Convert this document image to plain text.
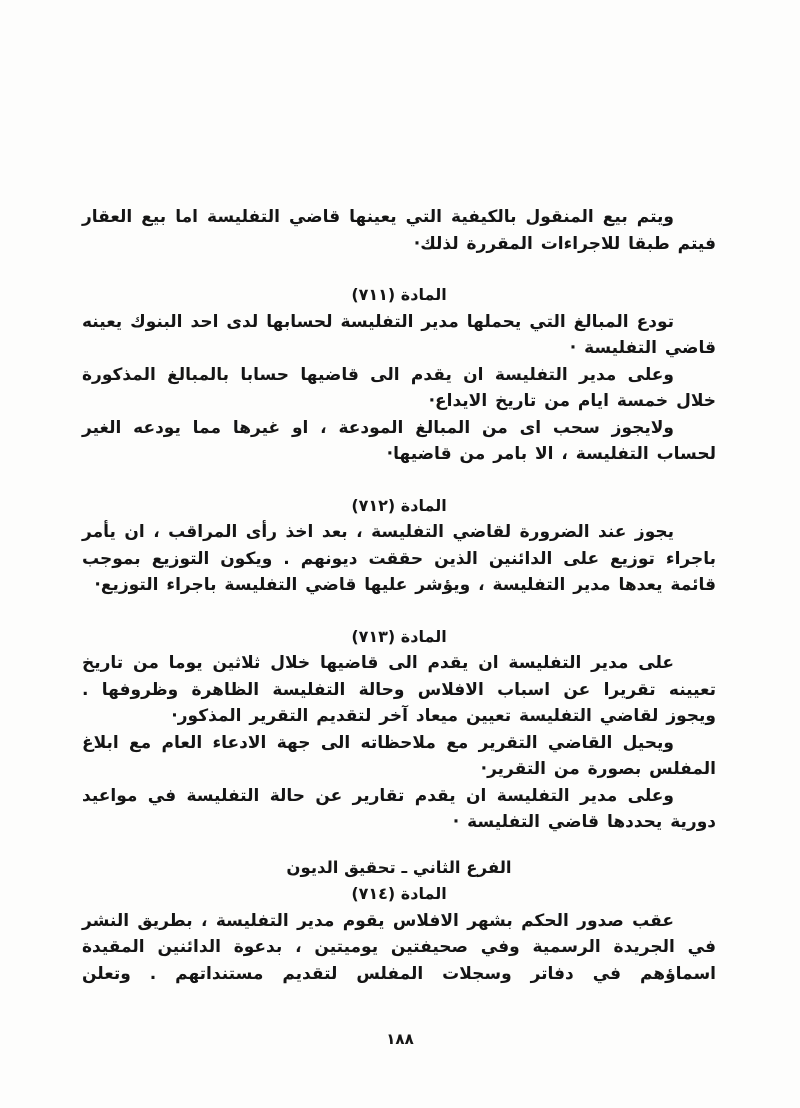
ويتم بيع المنقول بالكيفية التي يعينها قاضي التفليسة اما بيع العقار فيتم طبقا للاجراءات المقررة لذلك·

المادة (٧١١)

تودع المبالغ التي يحملها مدير التفليسة لحسابها لدى احد البنوك يعينه قاضي التفليسة ·

وعلى مدير التفليسة ان يقدم الى قاضيها حسابا بالمبالغ المذكورة خلال خمسة ايام من تاريخ الايداع·

ولايجوز سحب اى من المبالغ المودعة ، او غيرها مما يودعه الغير لحساب التفليسة ، الا بامر من قاضيها·

المادة (٧١٢)

يجوز عند الضرورة لقاضي التفليسة ، بعد اخذ رأى المراقب ، ان يأمر باجراء توزيع على الدائنين الذين حققت ديونهم . ويكون التوزيع بموجب قائمة يعدها مدير التفليسة ، ويؤشر عليها قاضي التفليسة باجراء التوزيع·

المادة (٧١٣)

على مدير التفليسة ان يقدم الى قاضيها خلال ثلاثين يوما من تاريخ تعيينه تقريرا عن اسباب الافلاس وحالة التفليسة الظاهرة وظروفها . ويجوز لقاضي التفليسة تعيين ميعاد آخر لتقديم التقرير المذكور·

ويحيل القاضي التقرير مع ملاحظاته الى جهة الادعاء العام مع ابلاغ المفلس بصورة من التقرير·

وعلى مدير التفليسة ان يقدم تقارير عن حالة التفليسة في مواعيد دورية يحددها قاضي التفليسة ·

الفرع الثاني ـ تحقيق الديون

المادة (٧١٤)

عقب صدور الحكم بشهر الافلاس يقوم مدير التفليسة ، بطريق النشر في الجريدة الرسمية وفي صحيفتين يوميتين ، بدعوة الدائنين المقيدة اسماؤهم في دفاتر وسجلات المفلس لتقديم مستنداتهم . وتعلن

١٨٨
